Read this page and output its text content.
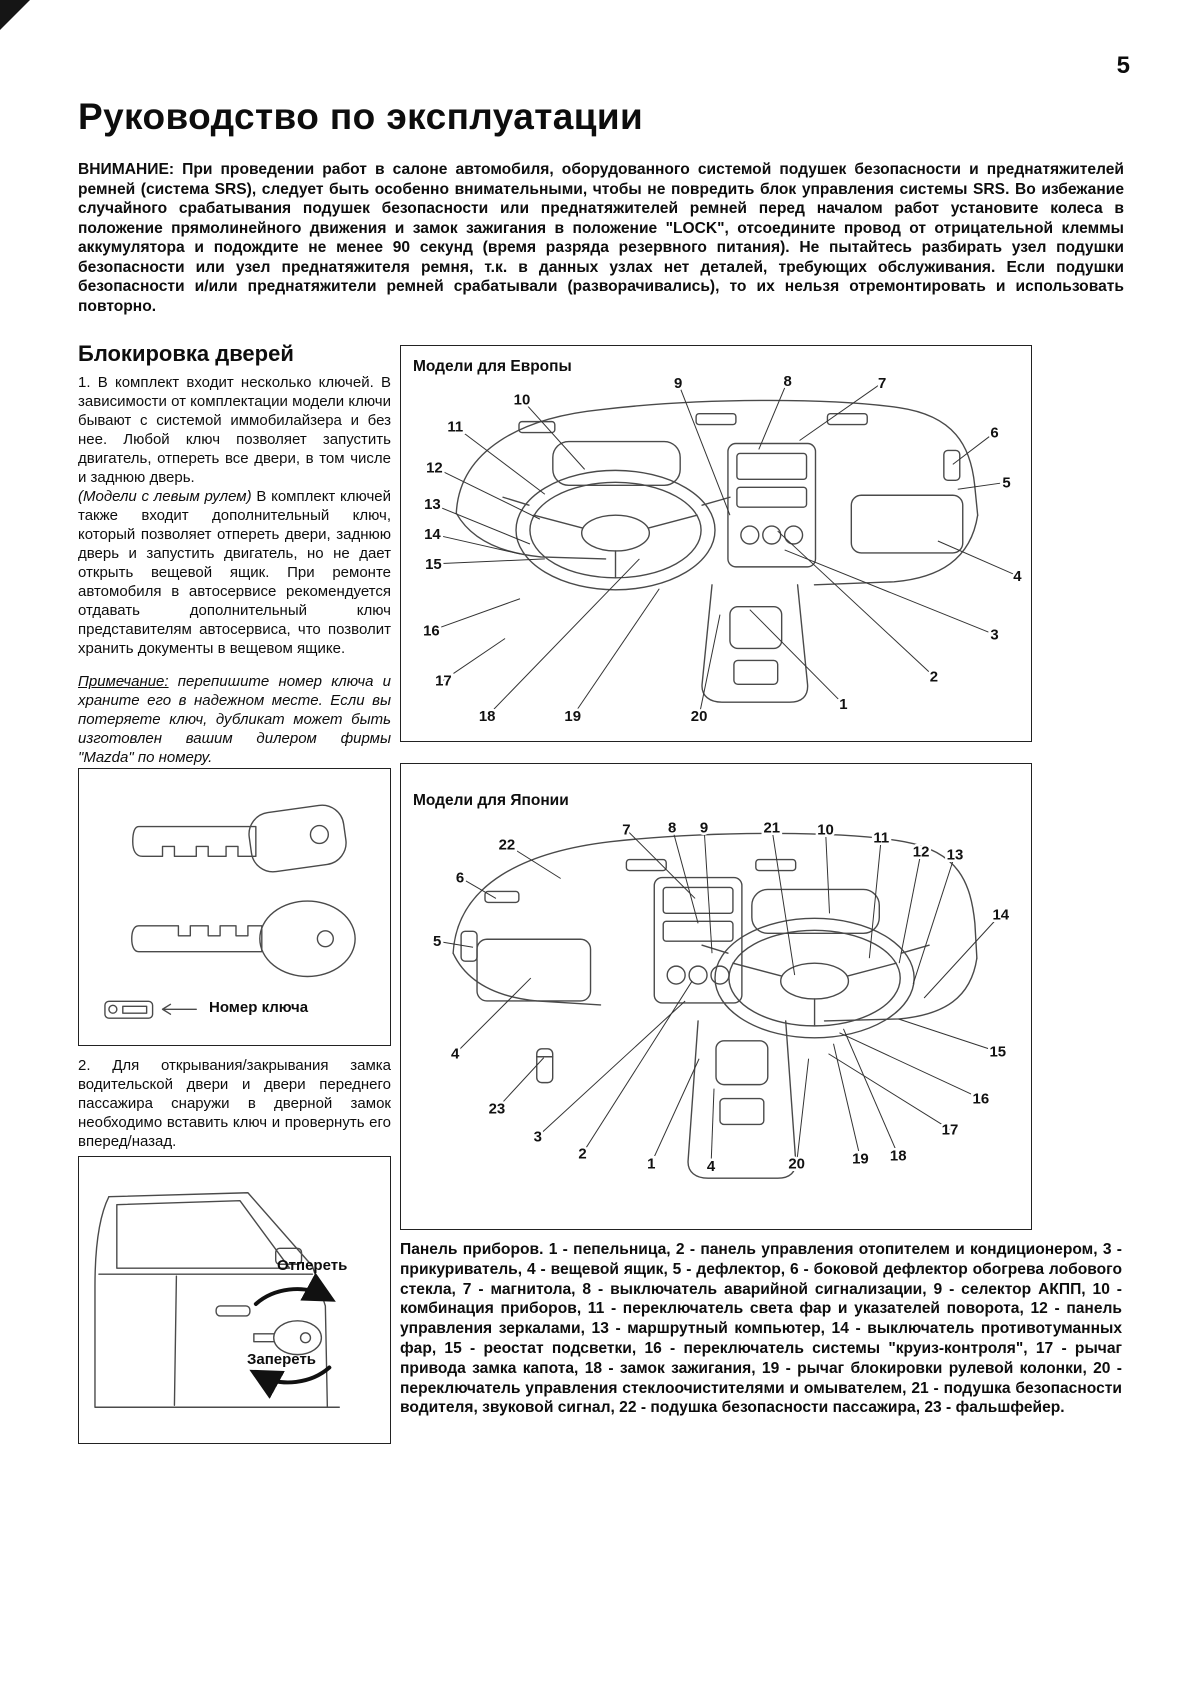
5
Руководство по эксплуатации

ВНИМАНИЕ: При проведении работ в салоне автомобиля, оборудованного системой подушек безопасности и преднатяжителей ремней (система SRS), следует быть особенно внимательными, чтобы не повредить блок управления системы SRS. Во избежание случайного срабатывания подушек безопасности или преднатяжителей ремней перед началом работ установите колеса в положение прямолинейного движения и замок зажигания в положение "LOCK", отсоедините провод от отрицательной клеммы аккумулятора и подождите не менее 90 секунд (время разряда резервного питания). Не пытайтесь разбирать узел подушки безопасности или узел преднатяжителя ремня, т.к. в данных узлах нет деталей, требующих обслуживания. Если подушки безопасности и/или преднатяжители ремней срабатывали (разворачивались), то их нельзя отремонтировать и использовать повторно.

Блокировка дверей

1. В комплект входит несколько ключей. В зависимости от комплектации модели ключи бывают с системой иммобилайзера и без нее. Любой ключ позволяет запустить двигатель, отпереть все двери, в том числе и заднюю дверь.

(Модели с левым рулем) В комплект ключей также входит дополнительный ключ, который позволяет отпереть двери, заднюю дверь и запустить двигатель, но не дает открыть вещевой ящик. При ремонте автомобиля в автосервисе рекомендуется отдавать дополнительный ключ представителям автосервиса, что позволит хранить документы в вещевом ящике.

Примечание: перепишите номер ключа и храните его в надежном месте. Если вы потеряете ключ, дубликат может быть изготовлен вашим дилером фирмы "Mazda" по номеру.

Номер ключа

2. Для открывания/закрывания замка водительской двери и двери переднего пассажира снаружи в дверной замок необходимо вставить ключ и провернуть его вперед/назад.

Отпереть
Запереть
1
2
3
4
5
6
7
8
9
10
11
12
13
14
15
16
17
18	19	20
Модели для Европы
1
2
3
4
4
5
6
7 8 9	10	11
12 13
14
15
16
17
18
19
20
21
22
23
Модели для Японии

Панель приборов. 1 - пепельница, 2 - панель управления отопителем и кондиционером, 3 - прикуриватель, 4 - вещевой ящик, 5 - дефлектор, 6 - боковой дефлектор обогрева лобового стекла, 7 - магнитола, 8 - выключатель аварийной сигнализации, 9 - селектор АКПП, 10 - комбинация приборов, 11 - переключатель света фар и указателей поворота, 12 - панель управления зеркалами, 13 - маршрутный компьютер, 14 - выключатель противотуманных фар, 15 - реостат подсветки, 16 - переключатель системы "круиз-контроля", 17 - рычаг привода замка капота, 18 - замок зажигания, 19 - рычаг блокировки рулевой колонки, 20 - переключатель управления стеклоочистителями и омывателем, 21 - подушка безопасности водителя, звуковой сигнал, 22 - подушка безопасности пассажира, 23 - фальшфейер.
